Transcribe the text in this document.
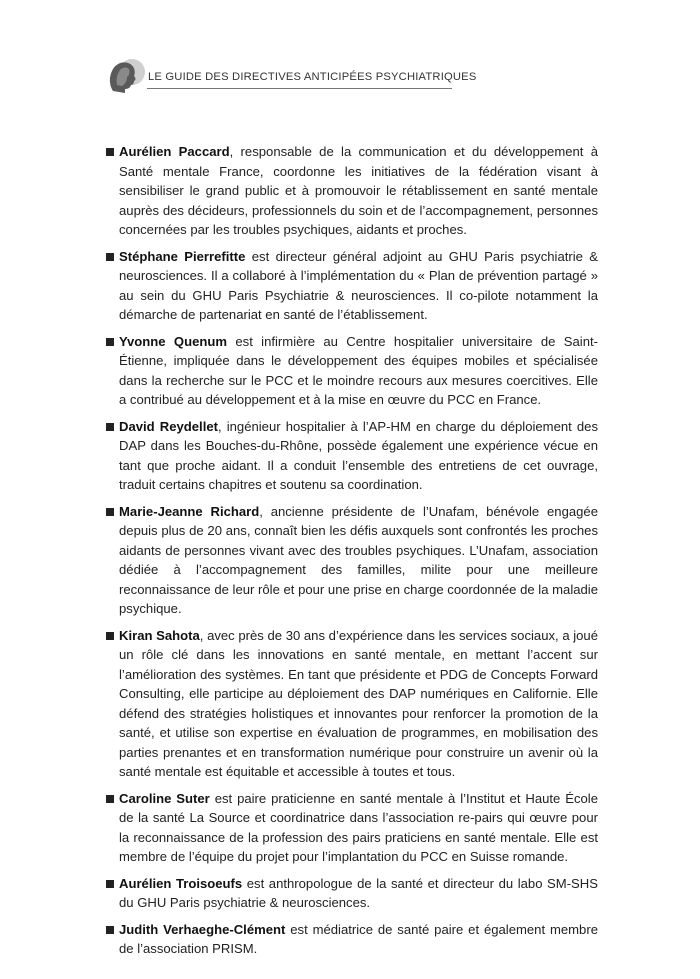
LE GUIDE DES DIRECTIVES ANTICIPÉES PSYCHIATRIQUES
Aurélien Paccard, responsable de la communication et du développement à Santé mentale France, coordonne les initiatives de la fédération visant à sensibiliser le grand public et à promouvoir le rétablissement en santé mentale auprès des décideurs, professionnels du soin et de l’accompagnement, personnes concernées par les troubles psychiques, aidants et proches.
Stéphane Pierrefitte est directeur général adjoint au GHU Paris psychiatrie & neurosciences. Il a collaboré à l’implémentation du « Plan de prévention partagé » au sein du GHU Paris Psychiatrie & neurosciences. Il co-pilote notamment la démarche de partenariat en santé de l’établissement.
Yvonne Quenum est infirmière au Centre hospitalier universitaire de Saint-Étienne, impliquée dans le développement des équipes mobiles et spécialisée dans la recherche sur le PCC et le moindre recours aux mesures coercitives. Elle a contribué au développement et à la mise en œuvre du PCC en France.
David Reydellet, ingénieur hospitalier à l’AP-HM en charge du déploiement des DAP dans les Bouches-du-Rhône, possède également une expérience vécue en tant que proche aidant. Il a conduit l’ensemble des entretiens de cet ouvrage, traduit certains chapitres et soutenu sa coordination.
Marie-Jeanne Richard, ancienne présidente de l’Unafam, bénévole engagée depuis plus de 20 ans, connaît bien les défis auxquels sont confrontés les proches aidants de personnes vivant avec des troubles psychiques. L’Unafam, association dédiée à l’accompagnement des familles, milite pour une meilleure reconnaissance de leur rôle et pour une prise en charge coordonnée de la maladie psychique.
Kiran Sahota, avec près de 30 ans d’expérience dans les services sociaux, a joué un rôle clé dans les innovations en santé mentale, en mettant l’accent sur l’amélioration des systèmes. En tant que présidente et PDG de Concepts Forward Consulting, elle participe au déploiement des DAP numériques en Californie. Elle défend des stratégies holistiques et innovantes pour renforcer la promotion de la santé, et utilise son expertise en évaluation de programmes, en mobilisation des parties prenantes et en transformation numérique pour construire un avenir où la santé mentale est équitable et accessible à toutes et tous.
Caroline Suter est paire praticienne en santé mentale à l’Institut et Haute École de la santé La Source et coordinatrice dans l’association re-pairs qui œuvre pour la reconnaissance de la profession des pairs praticiens en santé mentale. Elle est membre de l’équipe du projet pour l’implantation du PCC en Suisse romande.
Aurélien Troisoeufs est anthropologue de la santé et directeur du labo SM-SHS du GHU Paris psychiatrie & neurosciences.
Judith Verhaeghe-Clément est médiatrice de santé paire et également membre de l’association PRISM.
